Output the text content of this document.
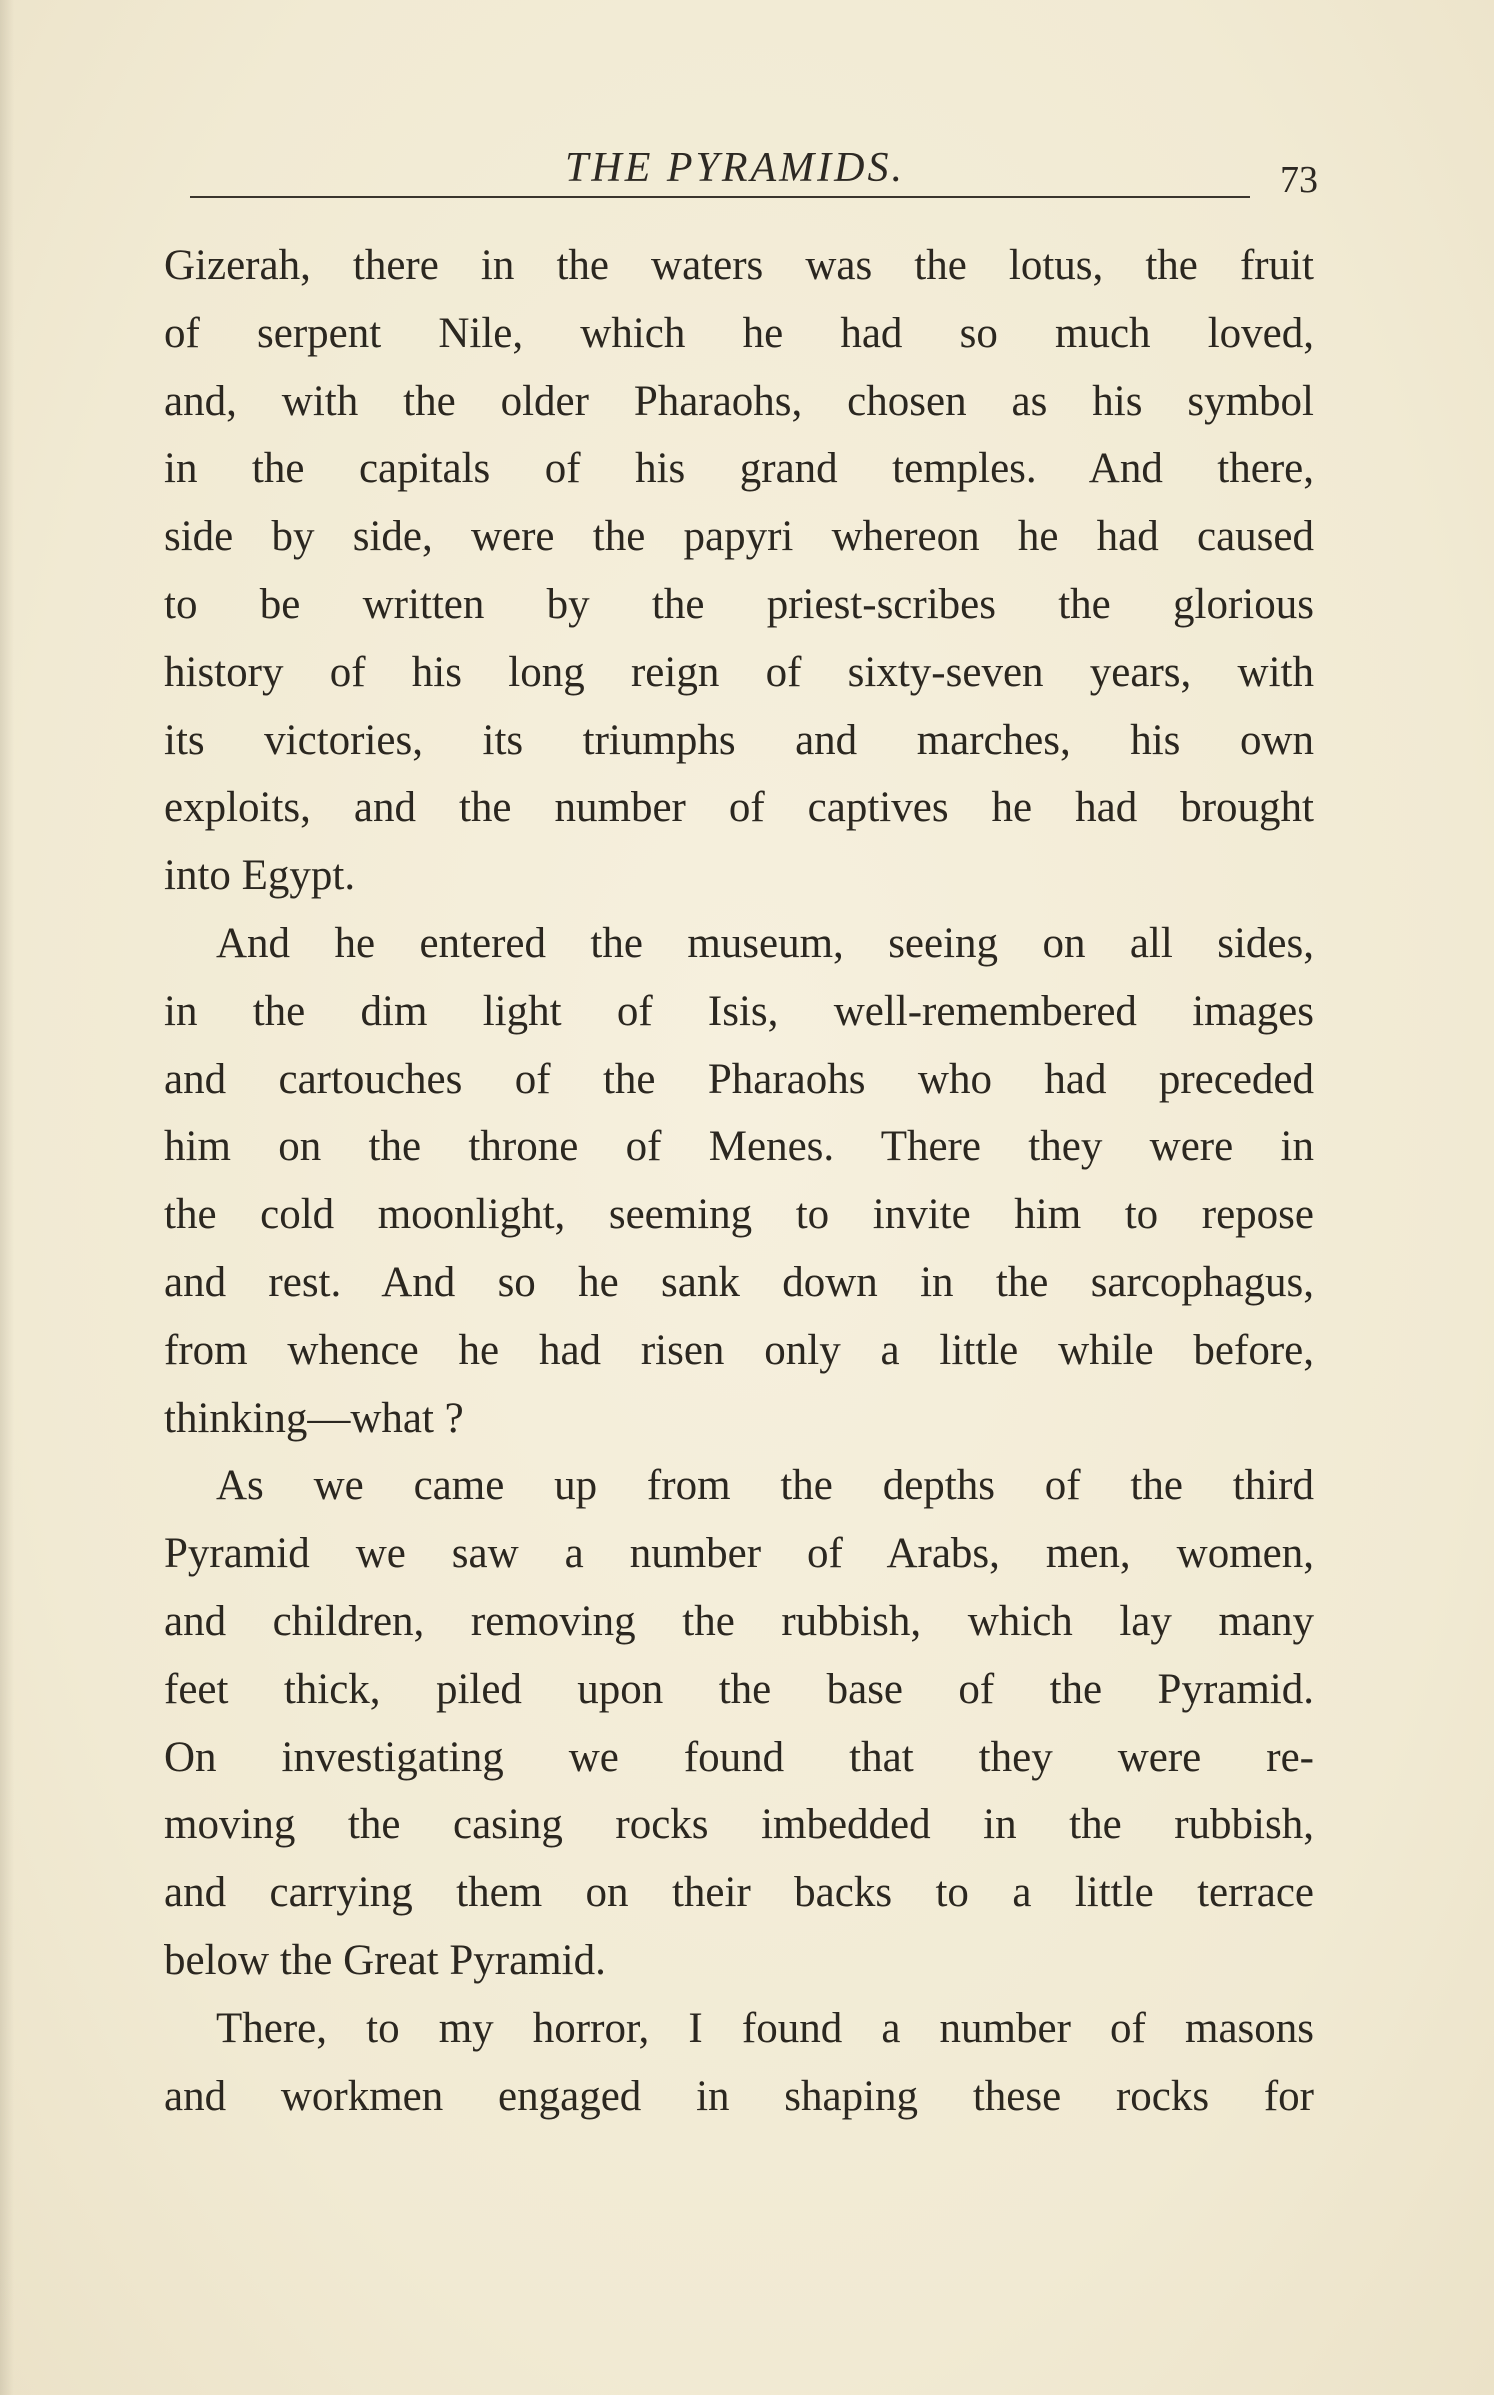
THE PYRAMIDS.	73
Gizerah, there in the waters was the lotus, the fruit
of serpent Nile, which he had so much loved,
and, with the older Pharaohs, chosen as his symbol
in the capitals of his grand temples. And there,
side by side, were the papyri whereon he had caused
to be written by the priest-scribes the glorious
history of his long reign of sixty-seven years, with
its victories, its triumphs and marches, his own
exploits, and the number of captives he had brought
into Egypt.
And he entered the museum, seeing on all sides,
in the dim light of Isis, well-remembered images
and cartouches of the Pharaohs who had preceded
him on the throne of Menes. There they were in
the cold moonlight, seeming to invite him to repose
and rest. And so he sank down in the sarcophagus,
from whence he had risen only a little while before,
thinking—what ?
As we came up from the depths of the third
Pyramid we saw a number of Arabs, men, women,
and children, removing the rubbish, which lay many
feet thick, piled upon the base of the Pyramid.
On investigating we found that they were re-
moving the casing rocks imbedded in the rubbish,
and carrying them on their backs to a little terrace
below the Great Pyramid.
There, to my horror, I found a number of masons
and workmen engaged in shaping these rocks for
